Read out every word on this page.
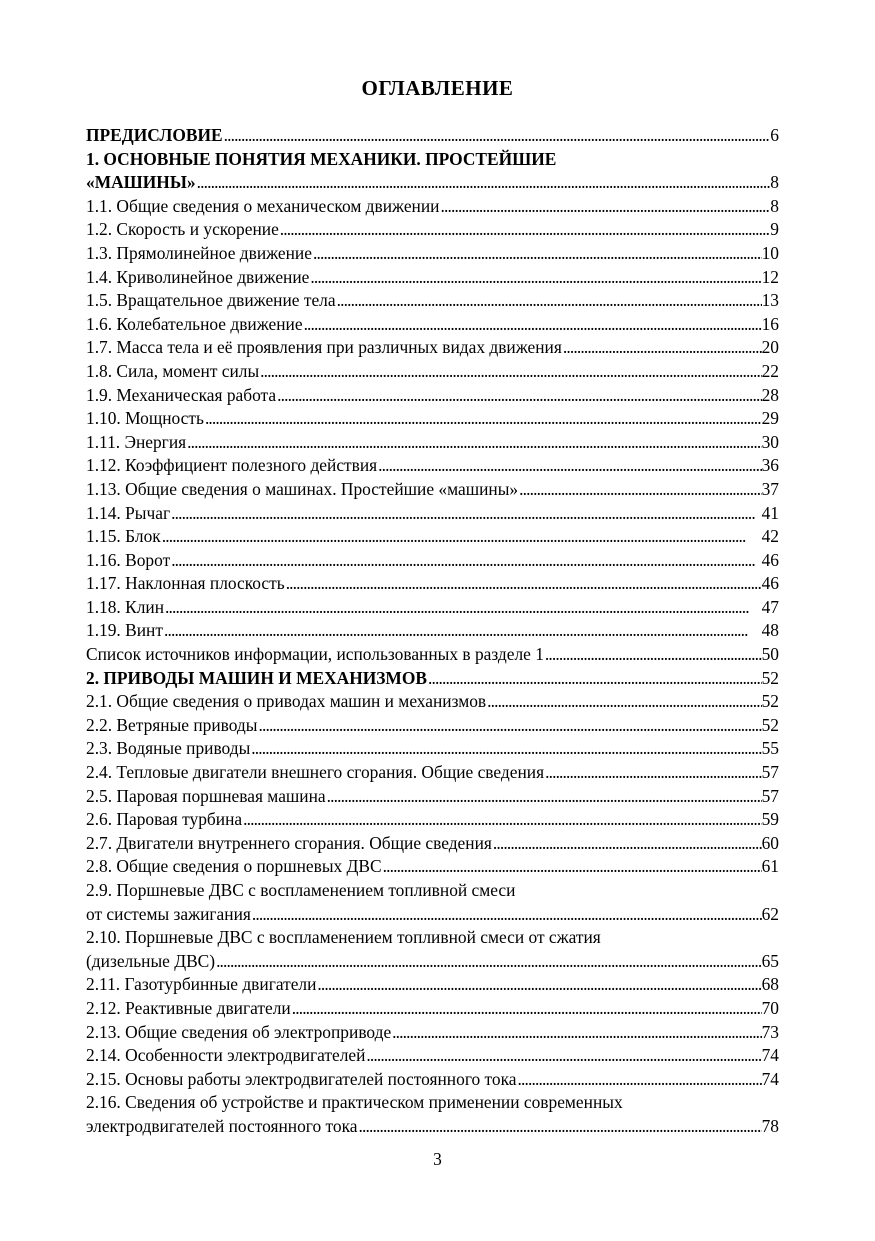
ОГЛАВЛЕНИЕ
ПРЕДИСЛОВИЕ . . .	6
1. ОСНОВНЫЕ ПОНЯТИЯ МЕХАНИКИ. ПРОСТЕЙШИЕ
«МАШИНЫ» . . .	8
1.1. Общие сведения о механическом движении . . .	8
1.2. Скорость и ускорение . . .	9
1.3. Прямолинейное движение . . .	10
1.4. Криволинейное движение . . .	12
1.5. Вращательное движение тела . . .	13
1.6. Колебательное движение . . .	16
1.7. Масса тела и её проявления при различных видах движения . . .	20
1.8. Сила, момент силы . . .	22
1.9. Механическая работа . . .	28
1.10. Мощность . . .	29
1.11. Энергия . . .	30
1.12. Коэффициент полезного действия . . .	36
1.13. Общие сведения о машинах. Простейшие «машины» . . .	37
1.14. Рычаг . . .	41
1.15. Блок . . .	42
1.16. Ворот . . .	46
1.17. Наклонная плоскость . . .	46
1.18. Клин . . .	47
1.19. Винт . . .	48
Список источников информации, использованных в разделе 1 . . .	50
2. ПРИВОДЫ МАШИН И МЕХАНИЗМОВ . . .	52
2.1. Общие сведения о приводах машин и механизмов . . .	52
2.2. Ветряные приводы . . .	52
2.3. Водяные приводы . . .	55
2.4. Тепловые двигатели внешнего сгорания. Общие сведения . . .	57
2.5. Паровая поршневая машина . . .	57
2.6. Паровая турбина . . .	59
2.7. Двигатели внутреннего сгорания. Общие сведения . . .	60
2.8. Общие сведения о поршневых ДВС . . .	61
2.9. Поршневые ДВС с воспламенением топливной смеси
от системы зажигания . . .	62
2.10. Поршневые ДВС с воспламенением топливной смеси от сжатия
(дизельные ДВС) . . .	65
2.11. Газотурбинные двигатели . . .	68
2.12. Реактивные двигатели . . .	70
2.13. Общие сведения об электроприводе . . .	73
2.14. Особенности электродвигателей . . .	74
2.15. Основы работы электродвигателей постоянного тока . . .	74
2.16. Сведения об устройстве и практическом применении современных
электродвигателей постоянного тока . . .	78
3
